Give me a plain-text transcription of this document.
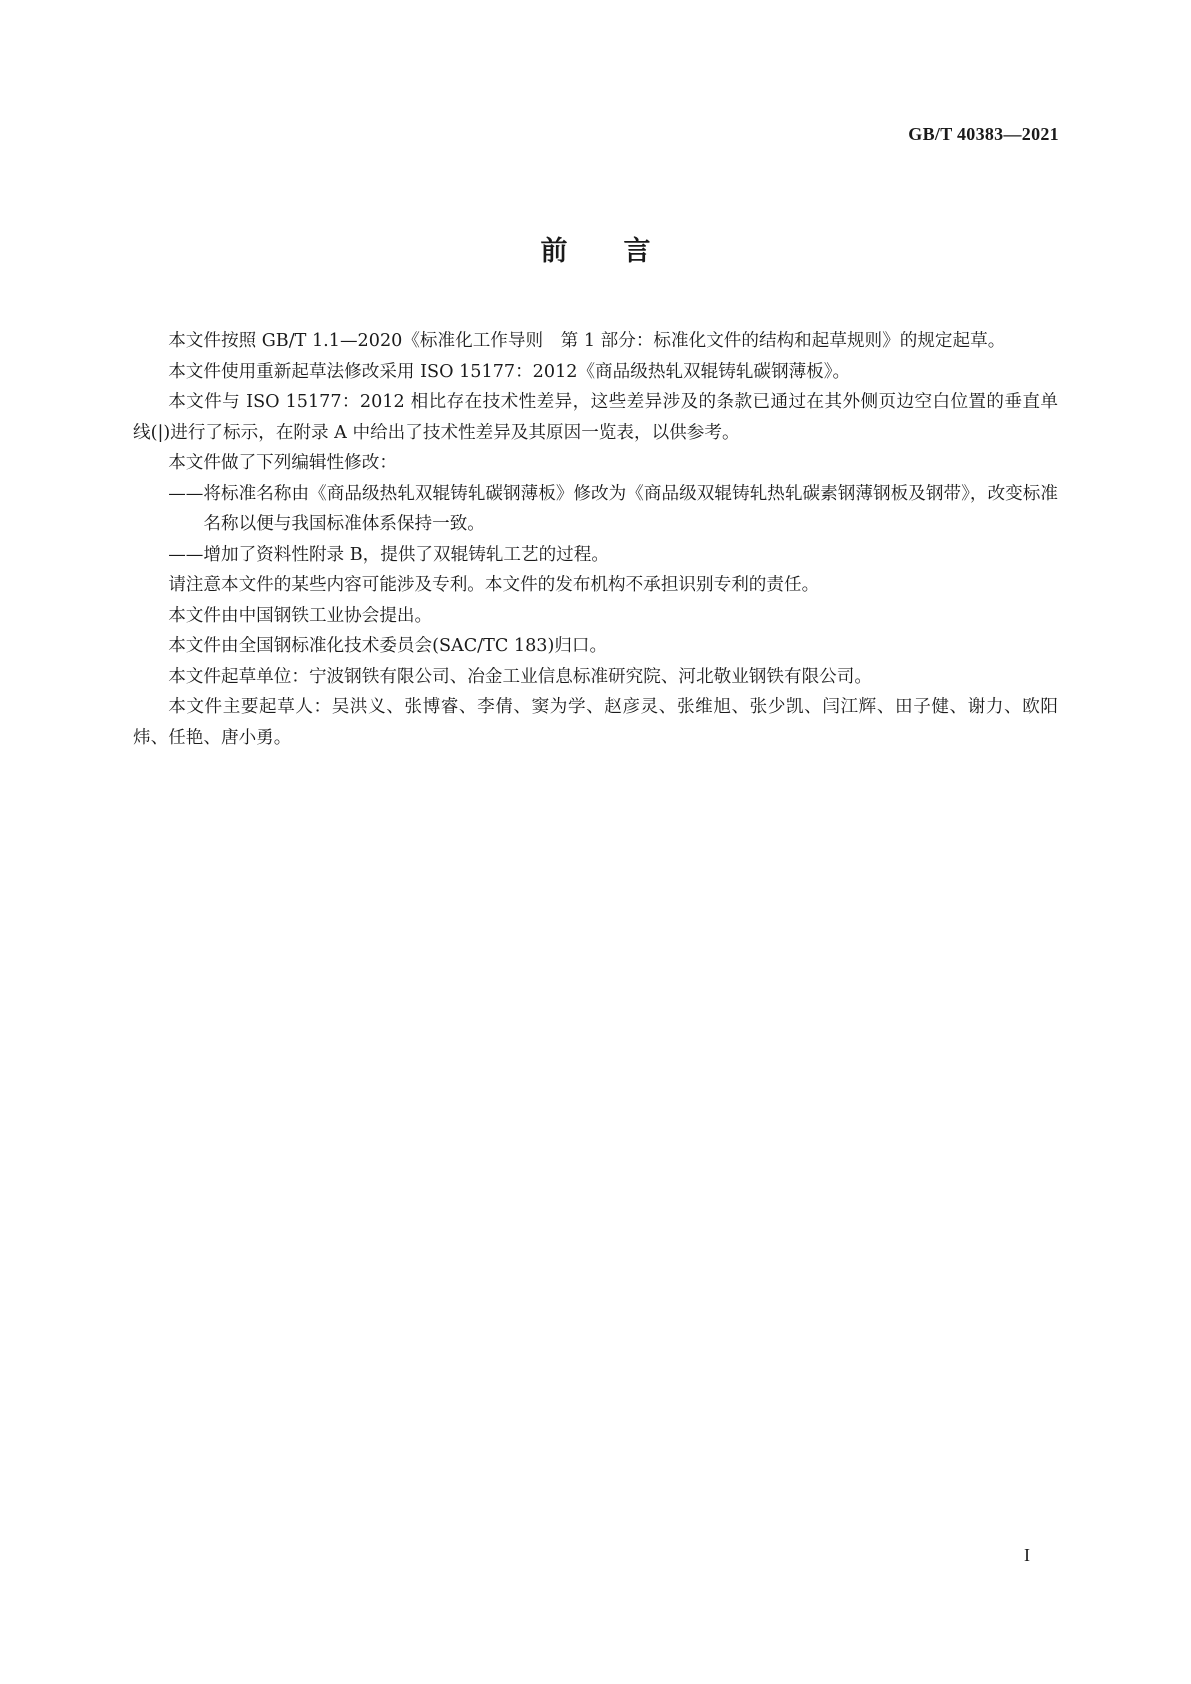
GB/T 40383—2021
前言

本文件按照 GB/T 1.1—2020《标准化工作导则　第 1 部分：标准化文件的结构和起草规则》的规定起草。

本文件使用重新起草法修改采用 ISO 15177：2012《商品级热轧双辊铸轧碳钢薄板》。

本文件与 ISO 15177：2012 相比存在技术性差异，这些差异涉及的条款已通过在其外侧页边空白位置的垂直单线(|)进行了标示，在附录 A 中给出了技术性差异及其原因一览表，以供参考。

本文件做了下列编辑性修改：

——将标准名称由《商品级热轧双辊铸轧碳钢薄板》修改为《商品级双辊铸轧热轧碳素钢薄钢板及钢带》，改变标准名称以便与我国标准体系保持一致。

——增加了资料性附录 B，提供了双辊铸轧工艺的过程。

请注意本文件的某些内容可能涉及专利。本文件的发布机构不承担识别专利的责任。

本文件由中国钢铁工业协会提出。

本文件由全国钢标准化技术委员会(SAC/TC 183)归口。

本文件起草单位：宁波钢铁有限公司、冶金工业信息标准研究院、河北敬业钢铁有限公司。

本文件主要起草人：吴洪义、张博睿、李倩、窦为学、赵彦灵、张维旭、张少凯、闫江辉、田子健、谢力、欧阳炜、任艳、唐小勇。

I
